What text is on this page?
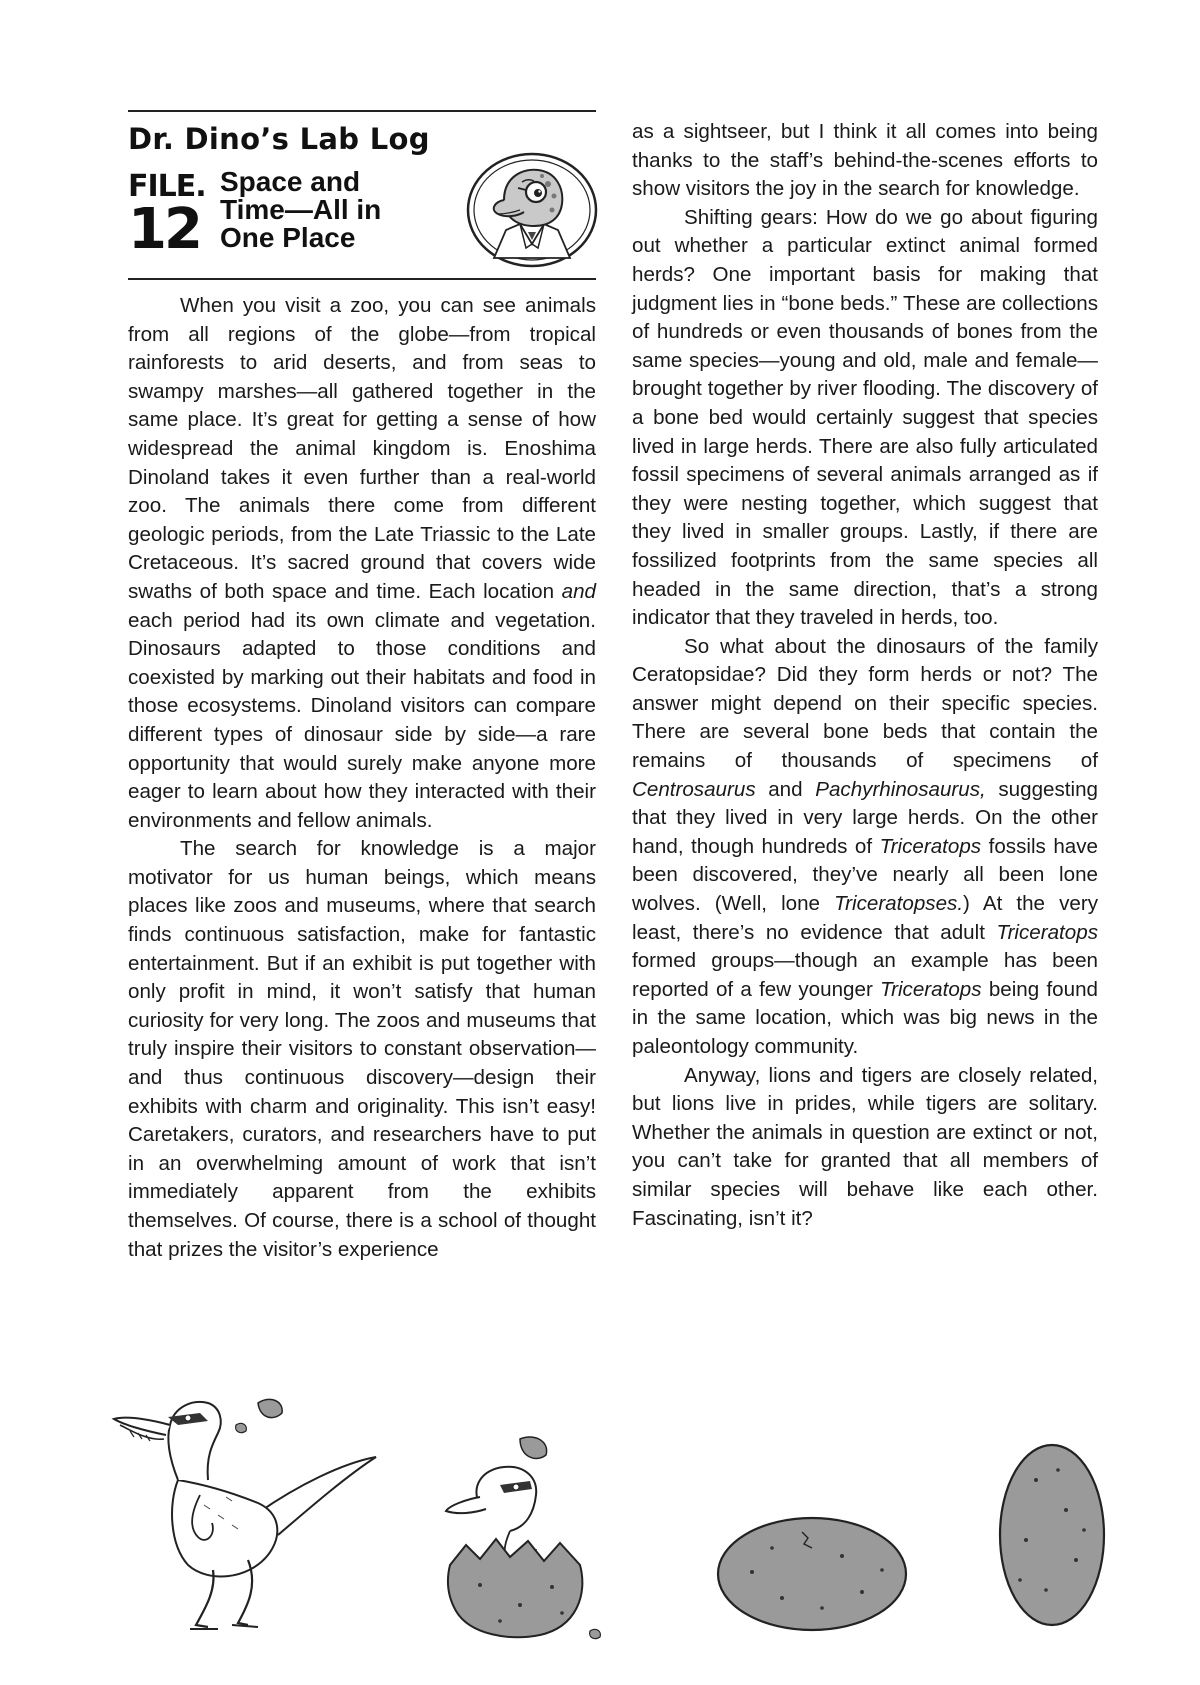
Dr. Dino’s Lab Log
FILE.
12
Space and
Time—All in
One Place

When you visit a zoo, you can see animals from all regions of the globe—from tropical rainforests to arid deserts, and from seas to swampy marshes—all gathered together in the same place. It’s great for getting a sense of how widespread the animal kingdom is. Enoshima Dinoland takes it even further than a real-world zoo. The animals there come from different geologic periods, from the Late Triassic to the Late Cretaceous. It’s sacred ground that covers wide swaths of both space and time. Each location and each period had its own climate and vegetation. Dinosaurs adapted to those conditions and coexisted by marking out their habitats and food in those ecosystems. Dinoland visitors can compare different types of dinosaur side by side—a rare opportunity that would surely make anyone more eager to learn about how they interacted with their environments and fellow animals.

The search for knowledge is a major motivator for us human beings, which means places like zoos and museums, where that search finds continuous satisfaction, make for fantastic entertainment. But if an exhibit is put together with only profit in mind, it won’t satisfy that human curiosity for very long. The zoos and museums that truly inspire their visitors to constant observation—and thus continuous discovery—design their exhibits with charm and originality. This isn’t easy! Caretakers, curators, and researchers have to put in an overwhelming amount of work that isn’t immediately apparent from the exhibits themselves. Of course, there is a school of thought that prizes the visitor’s experience

as a sightseer, but I think it all comes into being thanks to the staff’s behind-the-scenes efforts to show visitors the joy in the search for knowledge.

Shifting gears: How do we go about figuring out whether a particular extinct animal formed herds? One important basis for making that judgment lies in “bone beds.” These are collections of hundreds or even thousands of bones from the same species—young and old, male and female—brought together by river flooding. The discovery of a bone bed would certainly suggest that species lived in large herds. There are also fully articulated fossil specimens of several animals arranged as if they were nesting together, which suggest that they lived in smaller groups. Lastly, if there are fossilized footprints from the same species all headed in the same direction, that’s a strong indicator that they traveled in herds, too.

So what about the dinosaurs of the family Ceratopsidae? Did they form herds or not? The answer might depend on their specific species. There are several bone beds that contain the remains of thousands of specimens of Centrosaurus and Pachyrhinosaurus, suggesting that they lived in very large herds. On the other hand, though hundreds of Triceratops fossils have been discovered, they’ve nearly all been lone wolves. (Well, lone Triceratopses.) At the very least, there’s no evidence that adult Triceratops formed groups—though an example has been reported of a few younger Triceratops being found in the same location, which was big news in the paleontology community.

Anyway, lions and tigers are closely related, but lions live in prides, while tigers are solitary. Whether the animals in question are extinct or not, you can’t take for granted that all members of similar species will behave like each other. Fascinating, isn’t it?
